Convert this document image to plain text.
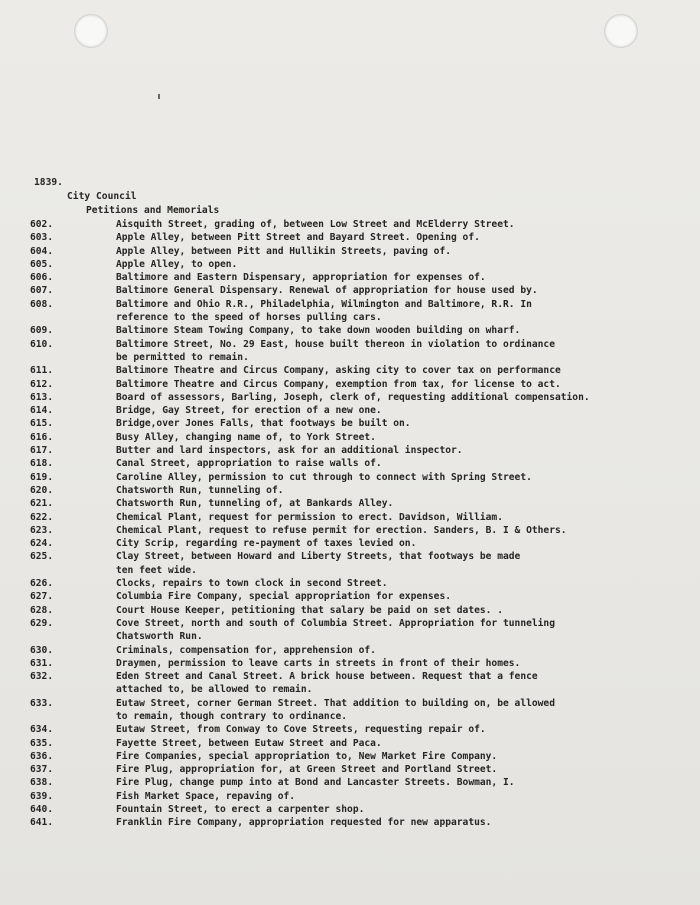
1839.
City Council
Petitions and Memorials
602.	Aisquith Street, grading of, between Low Street and McElderry Street.
603.	Apple Alley, between Pitt Street and Bayard Street. Opening of.
604.	Apple Alley, between Pitt and Hullikin Streets, paving of.
605.	Apple Alley, to open.
606.	Baltimore and Eastern Dispensary, appropriation for expenses of.
607.	Baltimore General Dispensary. Renewal of appropriation for house used by.
608.	Baltimore and Ohio R.R., Philadelphia, Wilmington and Baltimore, R.R. In
reference to the speed of horses pulling cars.
609.	Baltimore Steam Towing Company, to take down wooden building on wharf.
610.	Baltimore Street, No. 29 East, house built thereon in violation to ordinance
be permitted to remain.
611.	Baltimore Theatre and Circus Company, asking city to cover tax on performance
612.	Baltimore Theatre and Circus Company, exemption from tax, for license to act.
613.	Board of assessors, Barling, Joseph, clerk of, requesting additional compensation.
614.	Bridge, Gay Street, for erection of a new one.
615.	Bridge,over Jones Falls, that footways be built on.
616.	Busy Alley, changing name of, to York Street.
617.	Butter and lard inspectors, ask for an additional inspector.
618.	Canal Street, appropriation to raise walls of.
619.	Caroline Alley, permission to cut through to connect with Spring Street.
620.	Chatsworth Run, tunneling of.
621.	Chatsworth Run, tunneling of, at Bankards Alley.
622.	Chemical Plant, request for permission to erect. Davidson, William.
623.	Chemical Plant, request to refuse permit for erection. Sanders, B. I & Others.
624.	City Scrip, regarding re-payment of taxes levied on.
625.	Clay Street, between Howard and Liberty Streets, that footways be made
ten feet wide.
626.	Clocks, repairs to town clock in second Street.
627.	Columbia Fire Company, special appropriation for expenses.
628.	Court House Keeper, petitioning that salary be paid on set dates. .
629.	Cove Street, north and south of Columbia Street. Appropriation for tunneling
Chatsworth Run.
630.	Criminals, compensation for, apprehension of.
631.	Draymen, permission to leave carts in streets in front of their homes.
632.	Eden Street and Canal Street. A brick house between. Request that a fence
attached to, be allowed to remain.
633.	Eutaw Street, corner German Street. That addition to building on, be allowed
to remain, though contrary to ordinance.
634.	Eutaw Street, from Conway to Cove Streets, requesting repair of.
635.	Fayette Street, between Eutaw Street and Paca.
636.	Fire Companies, special appropriation to, New Market Fire Company.
637.	Fire Plug, appropriation for, at Green Street and Portland Street.
638.	Fire Plug, change pump into at Bond and Lancaster Streets. Bowman, I.
639.	Fish Market Space, repaving of.
640.	Fountain Street, to erect a carpenter shop.
641.	Franklin Fire Company, appropriation requested for new apparatus.
